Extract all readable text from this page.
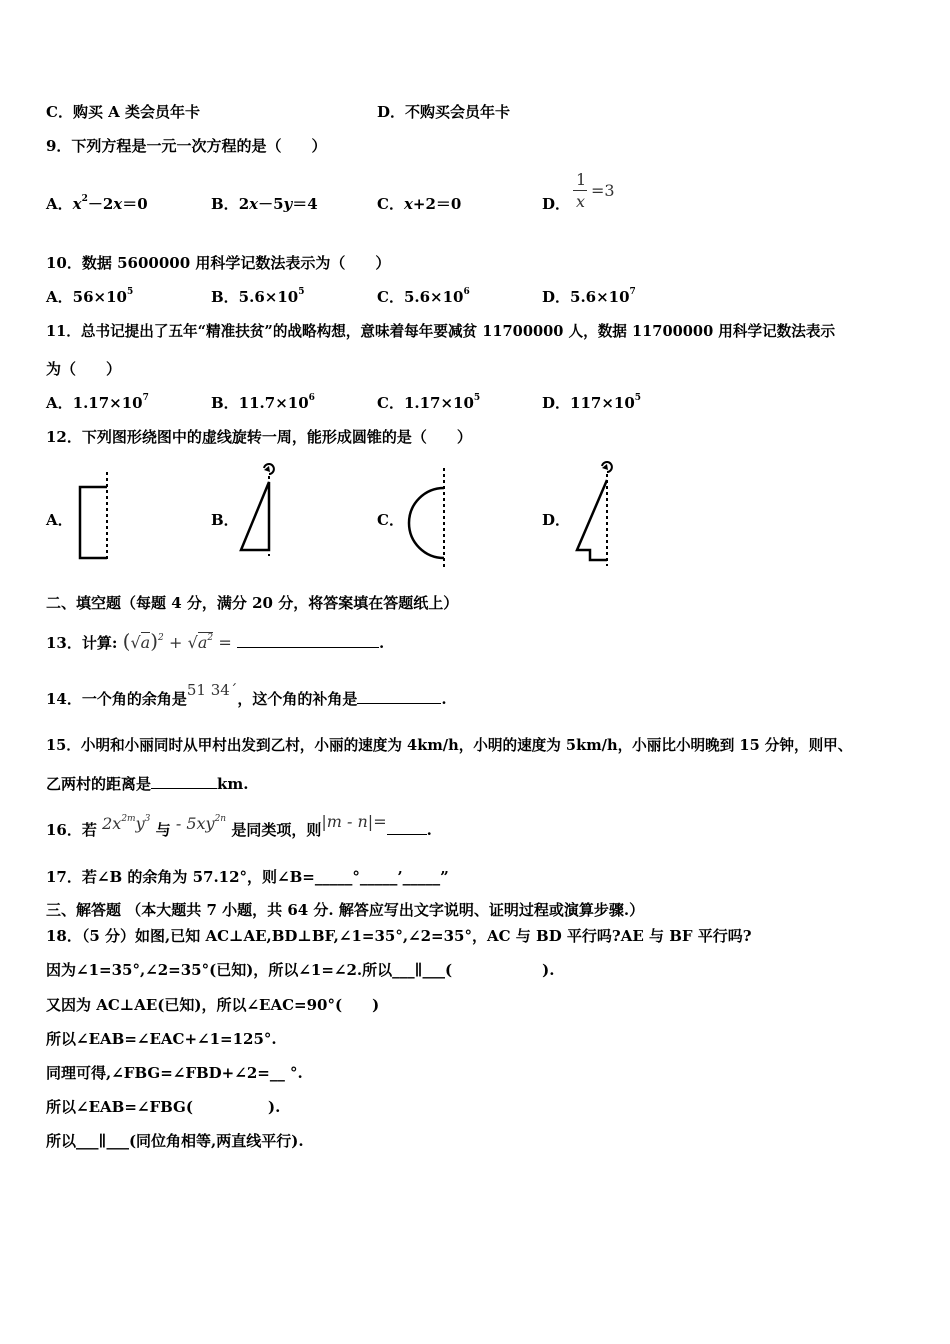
C．购买 A 类会员年卡	D．不购买会员年卡
9．下列方程是一元一次方程的是（　　）
A．$x^2-2x=0$	B．2x－5y＝4	C．x+2＝0	D．
1
x
=3
10．数据 5600000 用科学记数法表示为（　　）
A．$56\times 10^5$	B．$5.6\times 10^5$	C．$5.6\times 10^6$	D．$5.6\times 10^7$
11．总书记提出了五年“精准扶贫”的战略构想，意味着每年要减贫 11700000 人，数据 11700000 用科学记数法表示
为（　　）
A．$1.17\times 10^7$	B．$11.7\times 10^6$	C．$1.17\times 10^5$	D．$117\times 10^5$
12．下列图形绕图中的虚线旋转一周，能形成圆锥的是（　　）
A．	B．	C．	D．
二、填空题（每题 4 分，满分 20 分，将答案填在答题纸上）
13．计算: $(√a)^2 + √a^2$ =	.
14．一个角的余角是51 34´，这个角的补角是	.
15．小明和小丽同时从甲村出发到乙村，小丽的速度为 4km/h，小明的速度为 5km/h，小丽比小明晚到 15 分钟，则甲、
乙两村的距离是	km.
16．若 $2x^{2m}y^3$ 与 - $5xy^{2n}$ 是同类项，则|m - n|=	.
17．若∠B 的余角为 57.12°，则∠B=_____°_____’_____”
三、解答题 （本大题共 7 小题，共 64 分. 解答应写出文字说明、证明过程或演算步骤.）
18．（5 分）如图,已知 AC⊥AE,BD⊥BF,∠1=35°,∠2=35°，AC 与 BD 平行吗?AE 与 BF 平行吗?
因为∠1=35°,∠2=35°(已知)，所以∠1=∠2.所以___∥___(　　　　　　).
又因为 AC⊥AE(已知)，所以∠EAC=90°(　　)
所以∠EAB=∠EAC+∠1=125°.
同理可得,∠FBG=∠FBD+∠2=__ °.
所以∠EAB=∠FBG(　　　　　).
所以___∥___(同位角相等,两直线平行).
